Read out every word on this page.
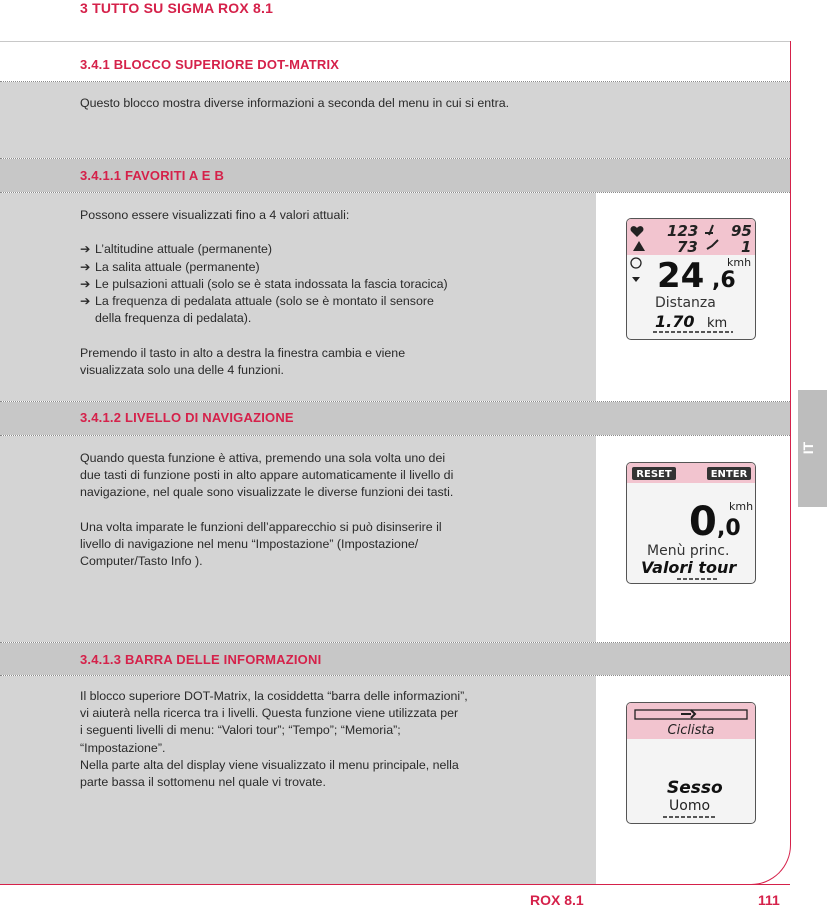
3 TUTTO SU SIGMA ROX 8.1
3.4.1 BLOCCO SUPERIORE DOT-MATRIX
Questo blocco mostra diverse informazioni a seconda del menu in cui si entra.
3.4.1.1 FAVORITI A E B

Possono essere visualizzati fino a 4 valori attuali:

➔ L’altitudine attuale (permanente)
➔ La salita attuale (permanente)
➔ Le pulsazioni attuali (solo se è stata indossata la fascia toracica)
➔ La frequenza di pedalata attuale (solo se è montato il sensore

della frequenza di pedalata).

Premendo il tasto in alto a destra la finestra cambia e viene

visualizzata solo una delle 4 funzioni.

123 95
73	1
24 ,6
kmh
Distanza
1.70 km
3.4.1.2 LIVELLO DI NAVIGAZIONE

Quando questa funzione è attiva, premendo una sola volta uno dei

due tasti di funzione posti in alto appare automaticamente il livello di

navigazione, nel quale sono visualizzate le diverse funzioni dei tasti.

Una volta imparate le funzioni dell’apparecchio si può disinserire il

livello di navigazione nel menu “Impostazione” (Impostazione/

Computer/Tasto Info ).

RESET	ENTER
0 ,0
kmh
Menù princ.
Valori tour
3.4.1.3 BARRA DELLE INFORMAZIONI

Il blocco superiore DOT-Matrix, la cosiddetta “barra delle informazioni”,

vi aiuterà nella ricerca tra i livelli. Questa funzione viene utilizzata per

i seguenti livelli di menu: “Valori tour”; “Tempo”; “Memoria”;

“Impostazione”.

Nella parte alta del display viene visualizzato il menu principale, nella

parte bassa il sottomenu nel quale vi trovate.

Ciclista
Sesso
Uomo
IT
ROX 8.1	111
